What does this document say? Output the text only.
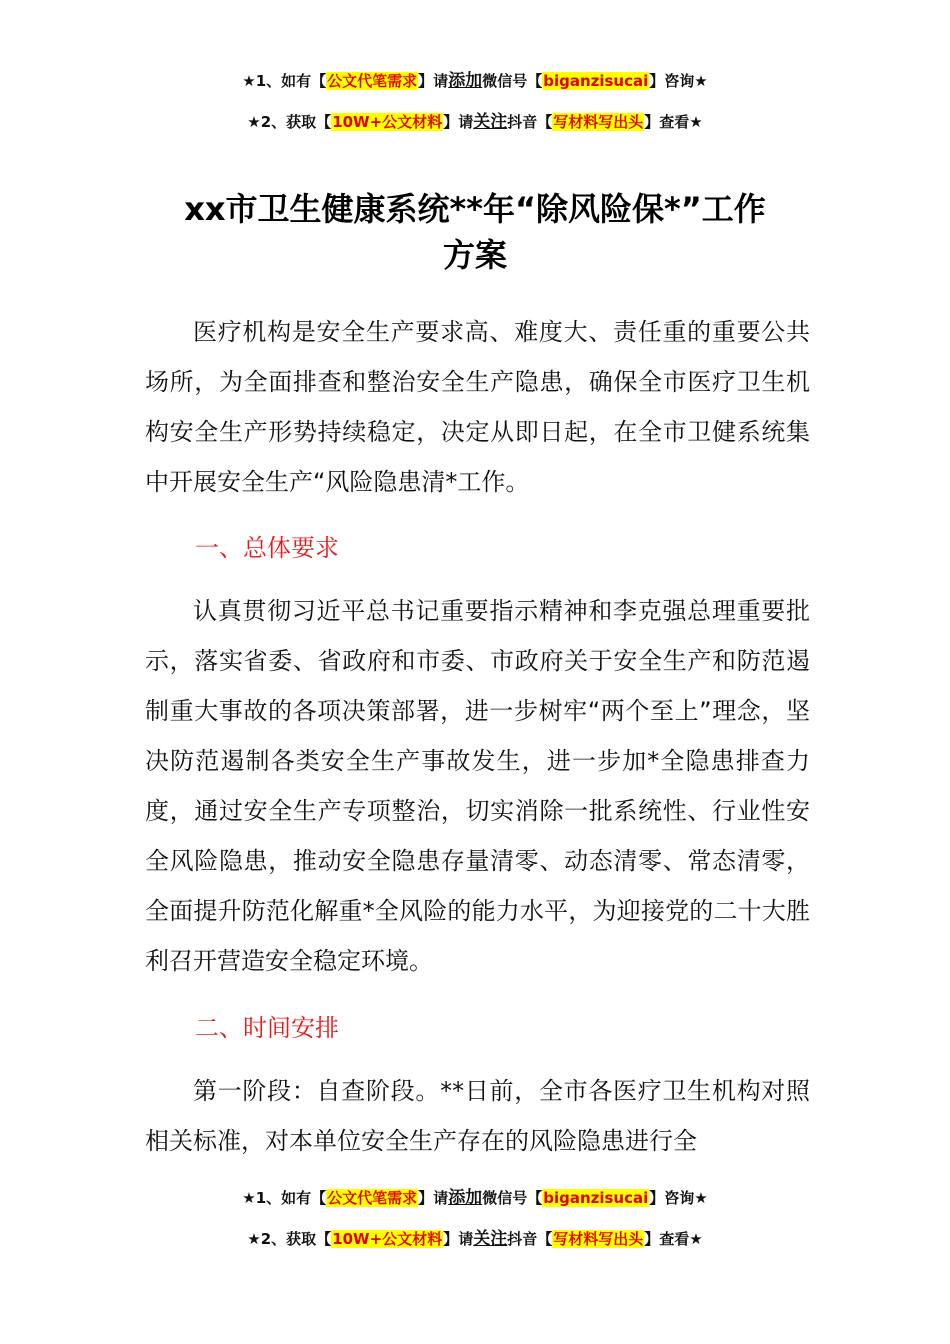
★1、如有【公文代笔需求】请添加微信号【biganzisucai】咨询★
★2、获取【10W+公文材料】请关注抖音【写材料写出头】查看★
xx市卫生健康系统**年“除风险保*”工作
方案

医疗机构是安全生产要求高、难度大、责任重的重要公共场所，为全面排查和整治安全生产隐患，确保全市医疗卫生机构安全生产形势持续稳定，决定从即日起，在全市卫健系统集中开展安全生产“风险隐患清*工作。

一、总体要求

认真贯彻习近平总书记重要指示精神和李克强总理重要批示，落实省委、省政府和市委、市政府关于安全生产和防范遏制重大事故的各项决策部署，进一步树牢“两个至上”理念，坚决防范遏制各类安全生产事故发生，进一步加*全隐患排查力度，通过安全生产专项整治，切实消除一批系统性、行业性安全风险隐患，推动安全隐患存量清零、动态清零、常态清零，全面提升防范化解重*全风险的能力水平，为迎接党的二十大胜利召开营造安全稳定环境。

二、时间安排

第一阶段：自查阶段。**日前，全市各医疗卫生机构对照相关标准，对本单位安全生产存在的风险隐患进行全

★1、如有【公文代笔需求】请添加微信号【biganzisucai】咨询★
★2、获取【10W+公文材料】请关注抖音【写材料写出头】查看★
